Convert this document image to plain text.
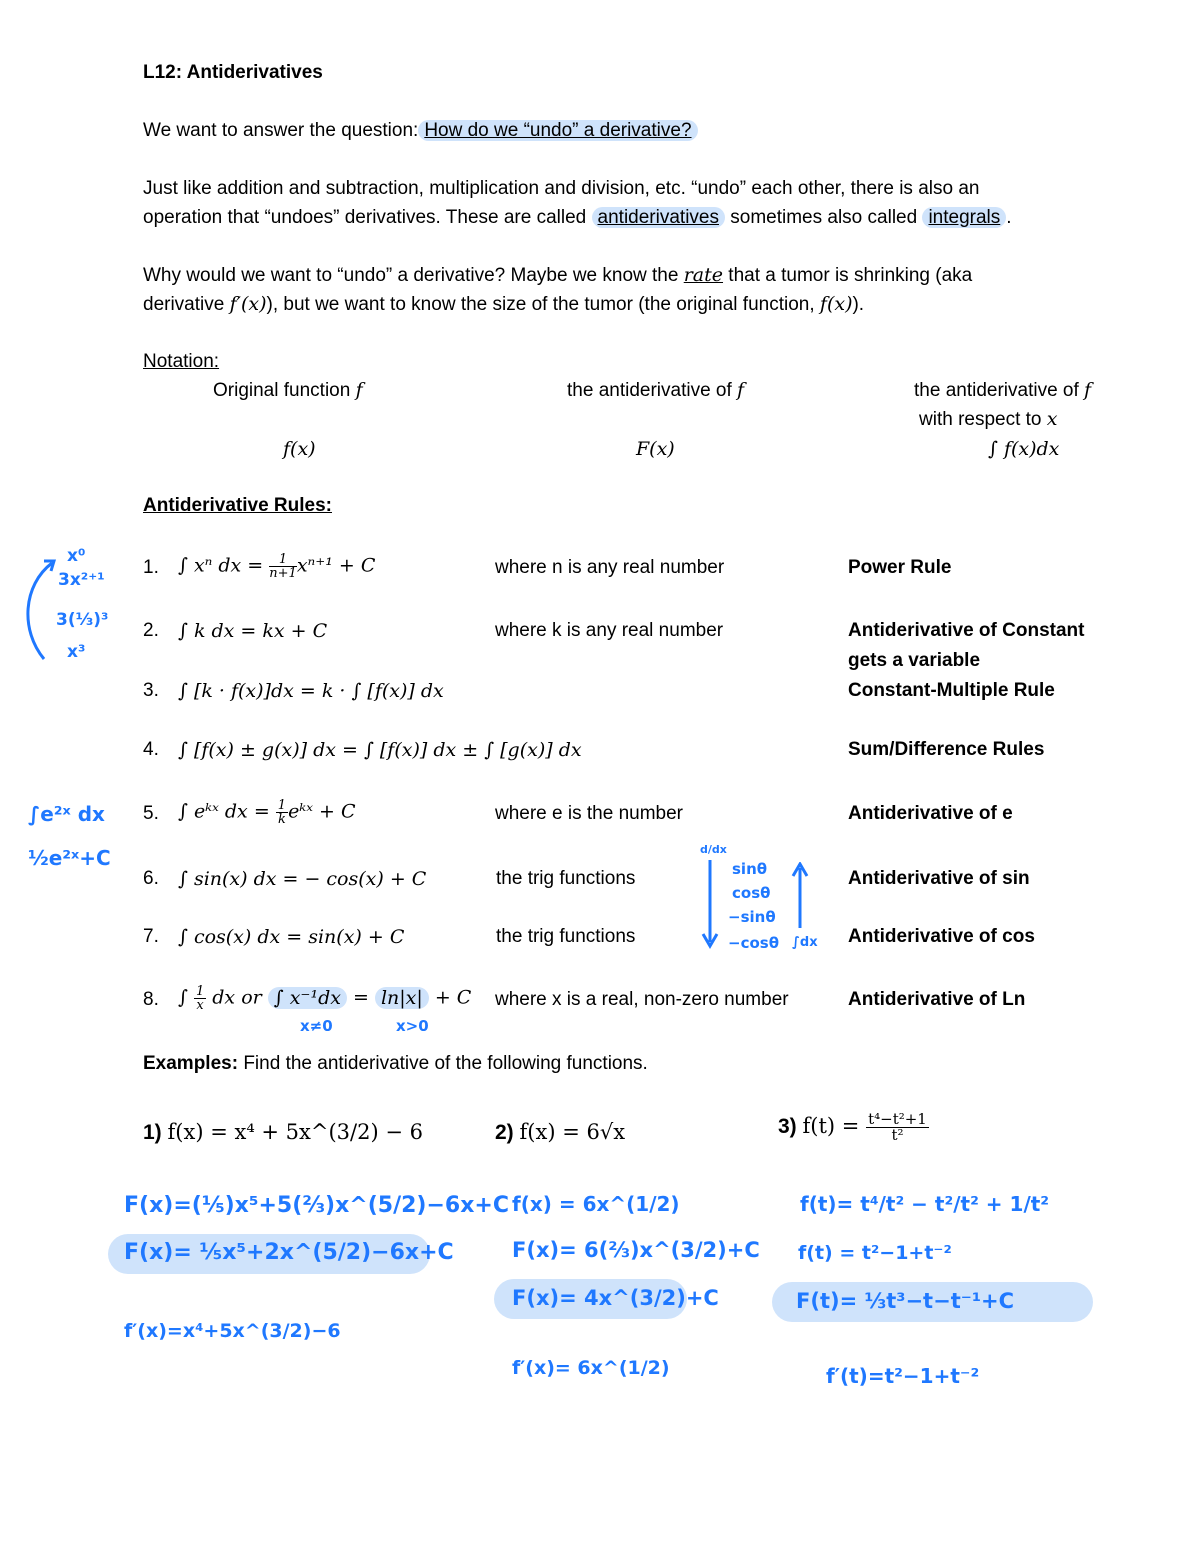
L12: Antiderivatives
We want to answer the question: How do we “undo” a derivative?
Just like addition and subtraction, multiplication and division, etc. “undo” each other, there is also an
operation that “undoes” derivatives. These are called antiderivatives sometimes also called integrals .
Why would we want to “undo” a derivative? Maybe we know the rate that a tumor is shrinking (aka
derivative f′(x)), but we want to know the size of the tumor (the original function, f(x)).
Notation:
Original function f	the antiderivative of f	the antiderivative of f
with respect to x
f(x)	F(x)	∫ f(x)dx
Antiderivative Rules:
1. ∫ xⁿ dx = $\frac{1}{n+1} x^{n+1} + C$	where n is any real number	Power Rule
2. ∫ k dx = kx + C	where k is any real number	Antiderivative of Constant
gets a variable
3. ∫ [k · f(x)]dx = k · ∫ [f(x)] dx	Constant-Multiple Rule
4. ∫ [f(x) ± g(x)] dx = ∫ [f(x)] dx ± ∫ [g(x)] dx	Sum/Difference Rules
5. ∫ eᵏˣ dx = $\frac{1}{k}$ eᵏˣ + C	where e is the number	Antiderivative of e
6. ∫ sin(x) dx = − cos(x) + C	the trig functions	Antiderivative of sin
7. ∫ cos(x) dx = sin(x) + C	the trig functions	Antiderivative of cos
8. ∫ $\frac{1}{x}$ dx or ∫ x⁻¹dx = ln|x| + C where x is a real, non-zero number	Antiderivative of Ln
Examples: Find the antiderivative of the following functions.
1) f(x) = x⁴ + 5x^(3/2) − 6	2) f(x) = 6√x	3) $f(t) = \frac{\text{t⁴−t²+1}}{\text{t²}}$
x⁰
3x²⁺¹
3(⅓)³
x³
∫e²ˣ dx
½e²ˣ+C	d/dx
sinθ
cosθ
−sinθ
−cosθ ∫dx
x≠0	x>0
F(x)=(⅕)x⁵+5(⅔)x^(5/2)−6x+C
F(x)= ⅕x⁵+2x^(5/2)−6x+C
f′(x)=x⁴+5x^(3/2)−6
f(x) = 6x^(1/2)
F(x)= 6(⅔)x^(3/2)+C
F(x)= 4x^(3/2)+C
f′(x)= 6x^(1/2)
f(t)= t⁴/t² − t²/t² + 1/t²
f(t) = t²−1+t⁻²
F(t)= ⅓t³−t−t⁻¹+C
f′(t)=t²−1+t⁻²
